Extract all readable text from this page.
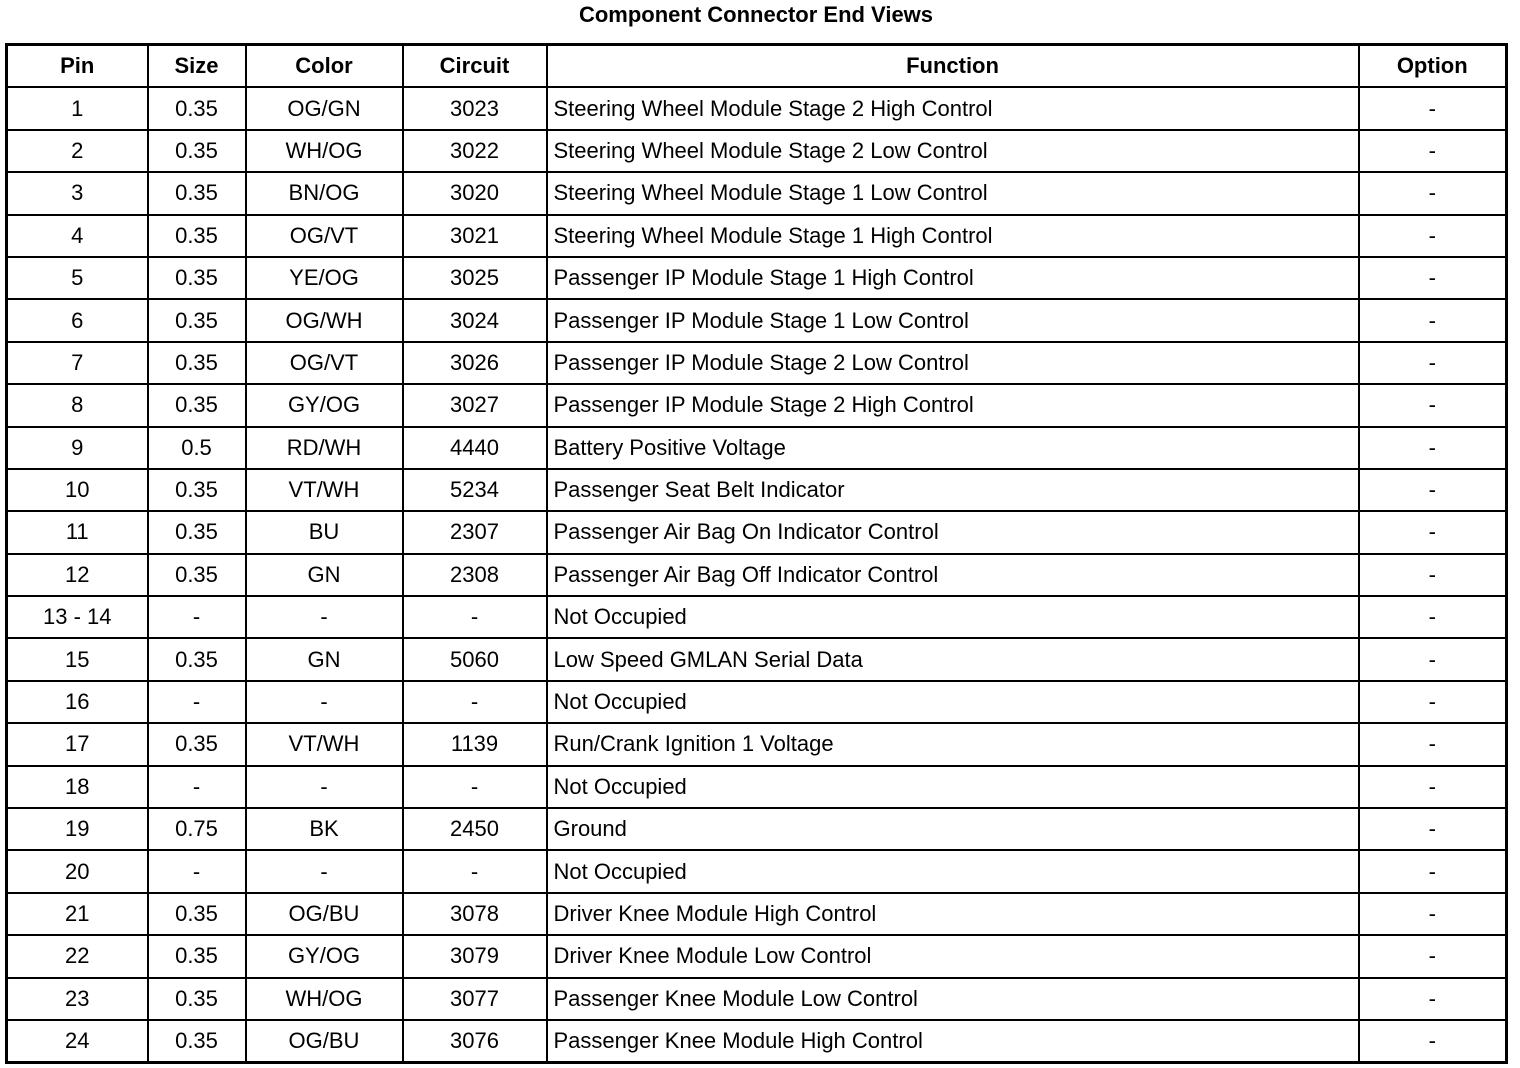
Component Connector End Views
Pin	Size	Color	Circuit	Function	Option
1	0.35	OG/GN	3023	Steering Wheel Module Stage 2 High Control	-
2	0.35	WH/OG	3022	Steering Wheel Module Stage 2 Low Control	-
3	0.35	BN/OG	3020	Steering Wheel Module Stage 1 Low Control	-
4	0.35	OG/VT	3021	Steering Wheel Module Stage 1 High Control	-
5	0.35	YE/OG	3025	Passenger IP Module Stage 1 High Control	-
6	0.35	OG/WH	3024	Passenger IP Module Stage 1 Low Control	-
7	0.35	OG/VT	3026	Passenger IP Module Stage 2 Low Control	-
8	0.35	GY/OG	3027	Passenger IP Module Stage 2 High Control	-
9	0.5	RD/WH	4440	Battery Positive Voltage	-
10	0.35	VT/WH	5234	Passenger Seat Belt Indicator	-
11	0.35	BU	2307	Passenger Air Bag On Indicator Control	-
12	0.35	GN	2308	Passenger Air Bag Off Indicator Control	-
13 - 14	-	-	-	Not Occupied	-
15	0.35	GN	5060	Low Speed GMLAN Serial Data	-
16	-	-	-	Not Occupied	-
17	0.35	VT/WH	1139	Run/Crank Ignition 1 Voltage	-
18	-	-	-	Not Occupied	-
19	0.75	BK	2450	Ground	-
20	-	-	-	Not Occupied	-
21	0.35	OG/BU	3078	Driver Knee Module High Control	-
22	0.35	GY/OG	3079	Driver Knee Module Low Control	-
23	0.35	WH/OG	3077	Passenger Knee Module Low Control	-
24	0.35	OG/BU	3076	Passenger Knee Module High Control	-
